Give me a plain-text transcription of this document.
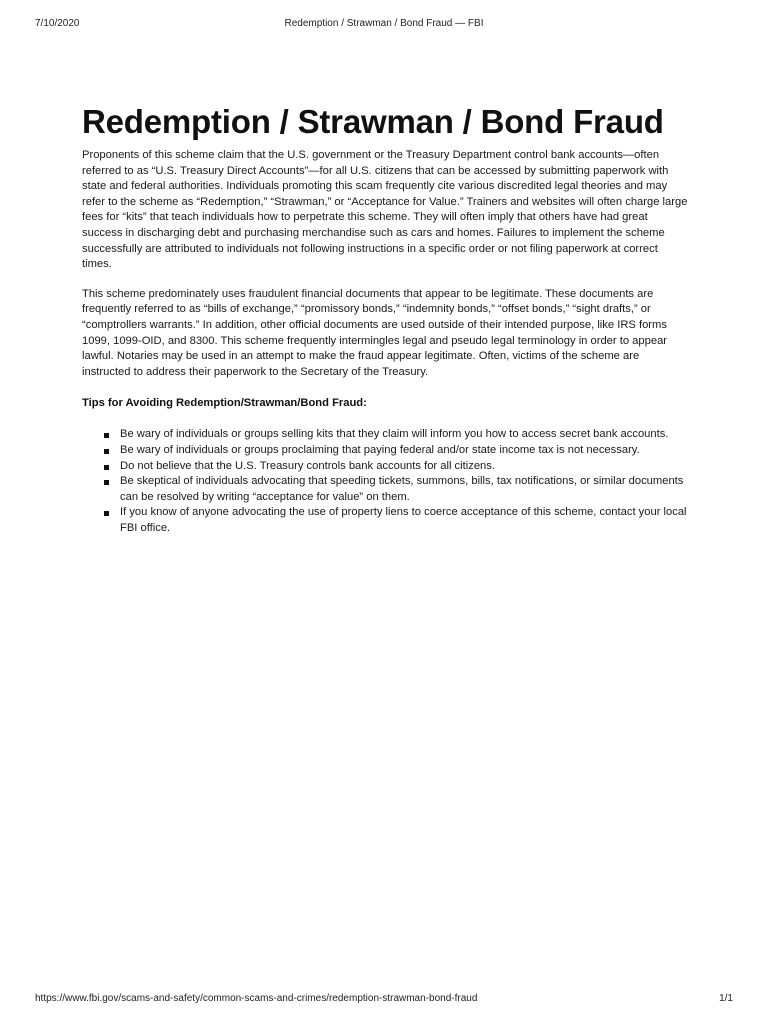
7/10/2020	Redemption / Strawman / Bond Fraud — FBI
Redemption / Strawman / Bond Fraud

Proponents of this scheme claim that the U.S. government or the Treasury Department control bank accounts—often referred to as “U.S. Treasury Direct Accounts”—for all U.S. citizens that can be accessed by submitting paperwork with state and federal authorities. Individuals promoting this scam frequently cite various discredited legal theories and may refer to the scheme as “Redemption,” “Strawman,” or “Acceptance for Value.” Trainers and websites will often charge large fees for “kits” that teach individuals how to perpetrate this scheme. They will often imply that others have had great success in discharging debt and purchasing merchandise such as cars and homes. Failures to implement the scheme successfully are attributed to individuals not following instructions in a specific order or not filing paperwork at correct times.

This scheme predominately uses fraudulent financial documents that appear to be legitimate. These documents are frequently referred to as “bills of exchange,” “promissory bonds,” “indemnity bonds,” “offset bonds,” “sight drafts,” or “comptrollers warrants.” In addition, other official documents are used outside of their intended purpose, like IRS forms 1099, 1099-OID, and 8300. This scheme frequently intermingles legal and pseudo legal terminology in order to appear lawful. Notaries may be used in an attempt to make the fraud appear legitimate. Often, victims of the scheme are instructed to address their paperwork to the Secretary of the Treasury.

Tips for Avoiding Redemption/Strawman/Bond Fraud:
Be wary of individuals or groups selling kits that they claim will inform you how to access secret bank accounts.
Be wary of individuals or groups proclaiming that paying federal and/or state income tax is not necessary.
Do not believe that the U.S. Treasury controls bank accounts for all citizens.
Be skeptical of individuals advocating that speeding tickets, summons, bills, tax notifications, or similar documents can be resolved by writing “acceptance for value” on them.
If you know of anyone advocating the use of property liens to coerce acceptance of this scheme, contact your local FBI office.
https://www.fbi.gov/scams-and-safety/common-scams-and-crimes/redemption-strawman-bond-fraud	1/1
